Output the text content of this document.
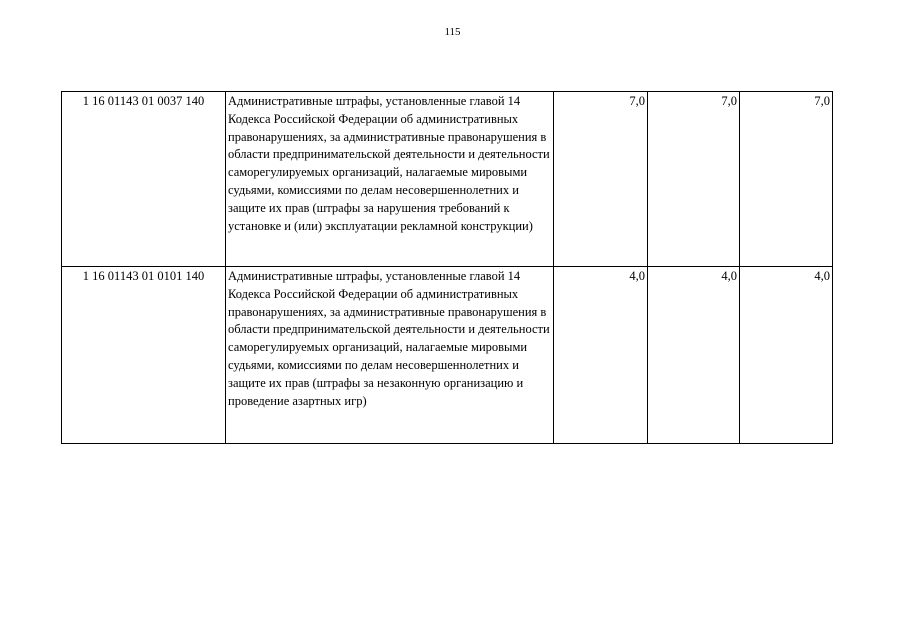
115
1 16 01143 01 0037 140	Административные штрафы, установленные главой 14 Кодекса Российской Федерации об административных правонарушениях, за административные правонарушения в области предпринимательской деятельности и деятельности саморегулируемых организаций, налагаемые мировыми судьями, комиссиями по делам несовершеннолетних и защите их прав (штрафы за нарушения требований к установке и (или) эксплуатации рекламной конструкции)	7,0	7,0	7,0
1 16 01143 01 0101 140	Административные штрафы, установленные главой 14 Кодекса Российской Федерации об административных правонарушениях, за административные правонарушения в области предпринимательской деятельности и деятельности саморегулируемых организаций, налагаемые мировыми судьями, комиссиями по делам несовершеннолетних и защите их прав (штрафы за незаконную организацию и проведение азартных игр)	4,0	4,0	4,0
